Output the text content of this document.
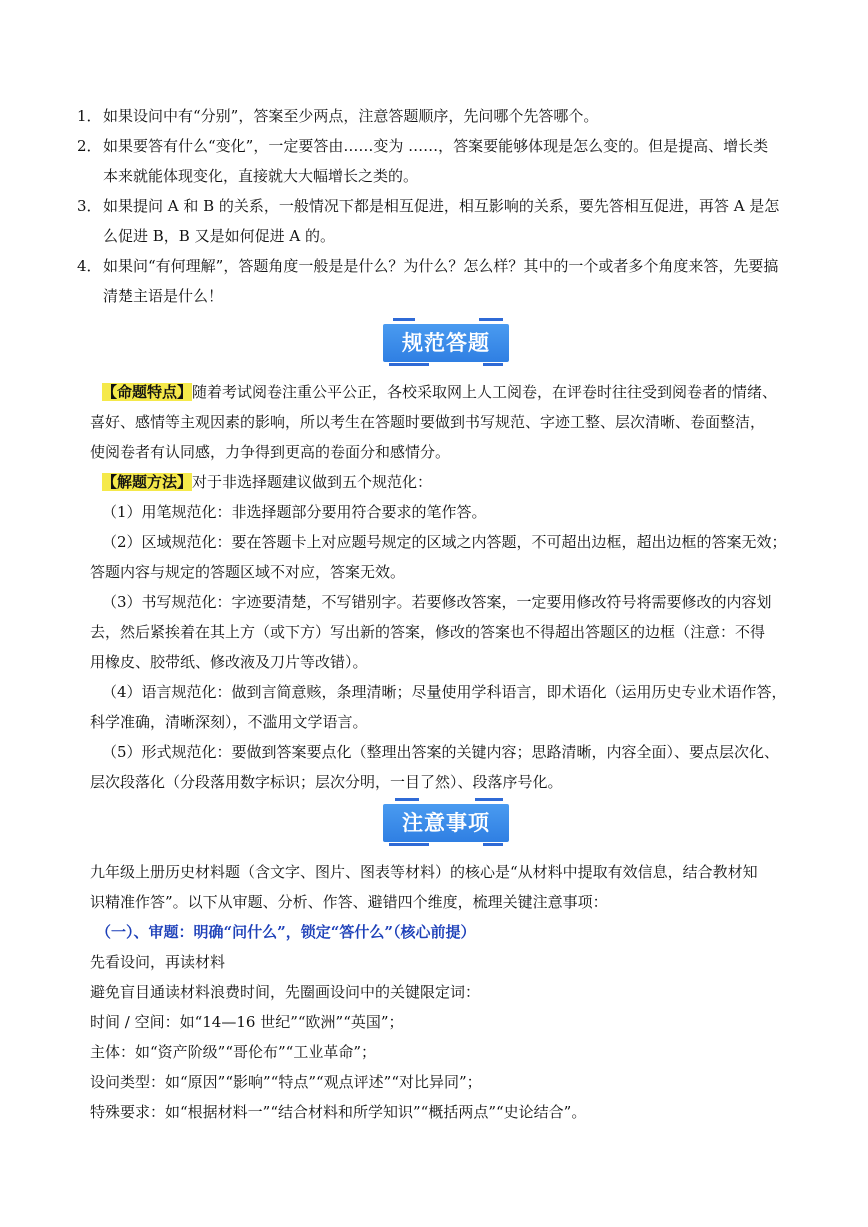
1． 如果设问中有“分别”，答案至少两点，注意答题顺序，先问哪个先答哪个。
2． 如果要答有什么“变化”，一定要答由……变为 ……，答案要能够体现是怎么变的。但是提高、增长类
本来就能体现变化，直接就大大幅增长之类的。
3． 如果提问 A 和 B 的关系，一般情况下都是相互促进，相互影响的关系，要先答相互促进，再答 A 是怎
么促进 B，B 又是如何促进 A 的。
4． 如果问“有何理解”，答题角度一般是是什么？为什么？怎么样？其中的一个或者多个角度来答，先要搞
清楚主语是什么！
规范答题
【命题特点】随着考试阅卷注重公平公正，各校采取网上人工阅卷，在评卷时往往受到阅卷者的情绪、
喜好、感情等主观因素的影响，所以考生在答题时要做到书写规范、字迹工整、层次清晰、卷面整洁，
使阅卷者有认同感，力争得到更高的卷面分和感情分。
【解题方法】对于非选择题建议做到五个规范化：
（1）用笔规范化：非选择题部分要用符合要求的笔作答。
（2）区域规范化：要在答题卡上对应题号规定的区域之内答题，不可超出边框，超出边框的答案无效；
答题内容与规定的答题区域不对应，答案无效。
（3）书写规范化：字迹要清楚，不写错别字。若要修改答案，一定要用修改符号将需要修改的内容划
去，然后紧挨着在其上方（或下方）写出新的答案，修改的答案也不得超出答题区的边框（注意：不得
用橡皮、胶带纸、修改液及刀片等改错）。
（4）语言规范化：做到言简意赅，条理清晰；尽量使用学科语言，即术语化（运用历史专业术语作答，
科学准确，清晰深刻），不滥用文学语言。
（5）形式规范化：要做到答案要点化（整理出答案的关键内容；思路清晰，内容全面）、要点层次化、
层次段落化（分段落用数字标识；层次分明，一目了然）、段落序号化。
注意事项
九年级上册历史材料题（含文字、图片、图表等材料）的核心是“从材料中提取有效信息，结合教材知
识精准作答”。以下从审题、分析、作答、避错四个维度，梳理关键注意事项：
（一）、审题：明确“问什么”，锁定“答什么”（核心前提）
先看设问，再读材料
避免盲目通读材料浪费时间，先圈画设问中的关键限定词：
时间 / 空间：如“14—16 世纪”“欧洲”“英国”；
主体：如“资产阶级”“哥伦布”“工业革命”；
设问类型：如“原因”“影响”“特点”“观点评述”“对比异同”；
特殊要求：如“根据材料一”“结合材料和所学知识”“概括两点”“史论结合”。
